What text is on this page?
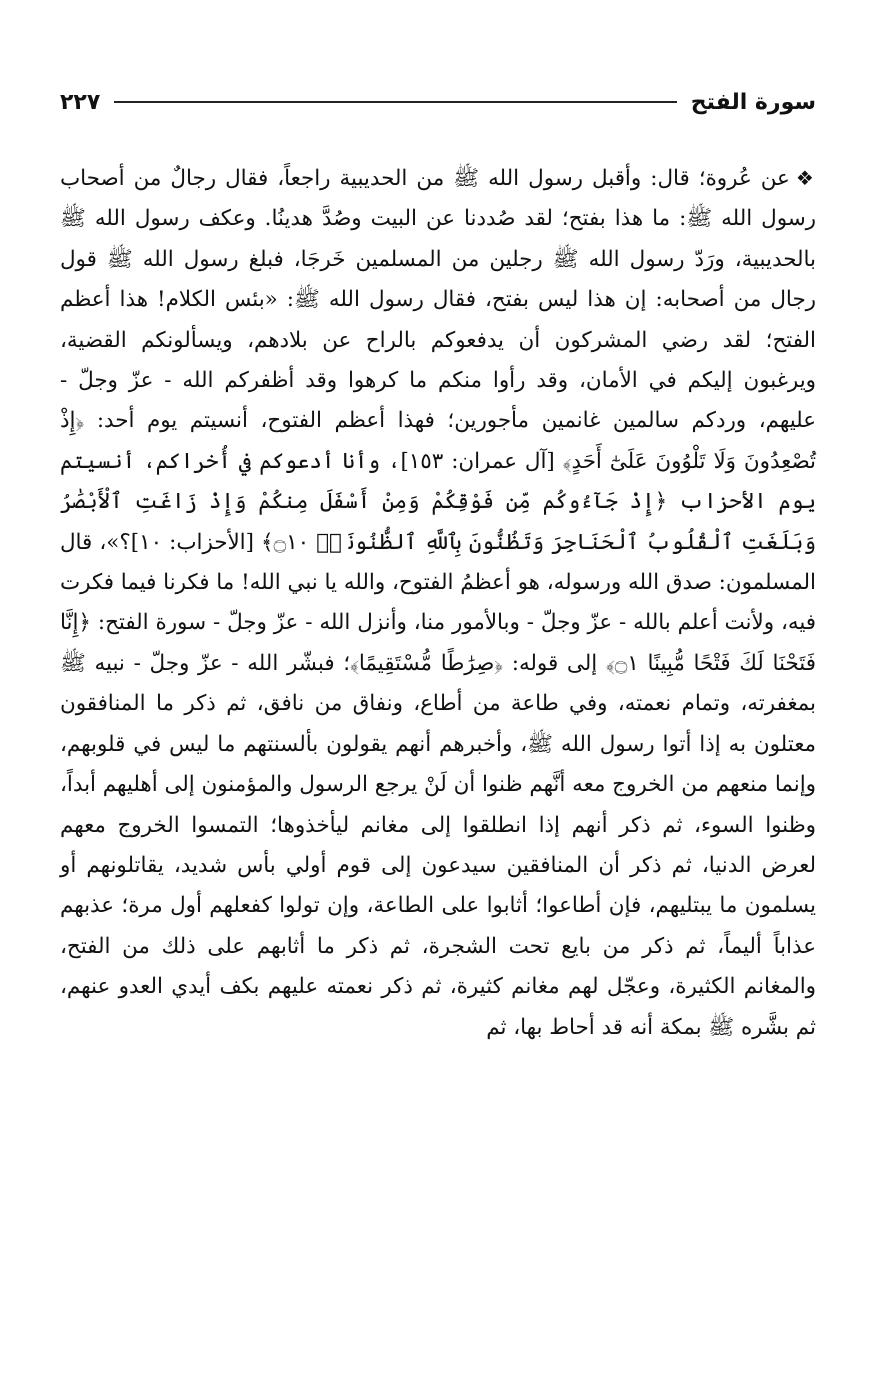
سورة الفتح
٢٢٧
❖عن عُروة؛ قال: وأقبل رسول الله ﷺ من الحديبية راجعاً، فقال رجالٌ من أصحاب رسول الله ﷺ: ما هذا بفتح؛ لقد صُددنا عن البيت وصُدَّ هدينُا. وعكف رسول الله ﷺ بالحديبية، ورَدّ رسول الله ﷺ رجلين من المسلمين خَرجَا، فبلغ رسول الله ﷺ قول رجال من أصحابه: إن هذا ليس بفتح، فقال رسول الله ﷺ: «بئس الكلام! هذا أعظم الفتح؛ لقد رضي المشركون أن يدفعوكم بالراح عن بلادهم، ويسألونكم القضية، ويرغبون إليكم في الأمان، وقد رأوا منكم ما كرهوا وقد أظفركم الله - عزّ وجلّ - عليهم، وردكم سالمين غانمين مأجورين؛ فهذا أعظم الفتوح، أنسيتم يوم أحد: ﴿إِذْ تُصْعِدُونَ وَلَا تَلْوُونَ عَلَىٰٓ أَحَدٍ﴾ [آل عمران: ١٥٣]، وأنا أدعوكم في أُخراكم، أنسيتم يوم الأحزاب ﴿إِذْ جَآءُوكُم مِّن فَوْقِكُمْ وَمِنْ أَسْفَلَ مِنكُمْ وَإِذْ زَاغَتِ ٱلْأَبْصَٰرُ وَبَلَغَتِ ٱلْقُلُوبُ ٱلْحَنَاجِرَ وَتَظُنُّونَ بِٱللَّهِ ٱلظُّنُونَا۠ ۝١٠﴾ [الأحزاب: ١٠]؟»، قال المسلمون: صدق الله ورسوله، هو أعظمُ الفتوح، والله يا نبي الله! ما فكرنا فيما فكرت فيه، ولأنت أعلم بالله - عزّ وجلّ - وبالأمور منا، وأنزل الله - عزّ وجلّ - سورة الفتح: ﴿إِنَّا فَتَحْنَا لَكَ فَتْحًا مُّبِينًا ۝١﴾ إلى قوله: ﴿صِرَٰطًا مُّسْتَقِيمًا﴾؛ فبشّر الله - عزّ وجلّ - نبيه ﷺ بمغفرته، وتمام نعمته، وفي طاعة من أطاع، ونفاق من نافق، ثم ذكر ما المنافقون معتلون به إذا أتوا رسول الله ﷺ، وأخبرهم أنهم يقولون بألسنتهم ما ليس في قلوبهم، وإنما منعهم من الخروج معه أنَّهم ظنوا أن لَنْ يرجع الرسول والمؤمنون إلى أهليهم أبداً، وظنوا السوء، ثم ذكر أنهم إذا انطلقوا إلى مغانم ليأخذوها؛ التمسوا الخروج معهم لعرض الدنيا، ثم ذكر أن المنافقين سيدعون إلى قوم أولي بأس شديد، يقاتلونهم أو يسلمون ما يبتليهم، فإن أطاعوا؛ أثابوا على الطاعة، وإن تولوا كفعلهم أول مرة؛ عذبهم عذاباً أليماً، ثم ذكر من بايع تحت الشجرة، ثم ذكر ما أثابهم على ذلك من الفتح، والمغانم الكثيرة، وعجّل لهم مغانم كثيرة، ثم ذكر نعمته عليهم بكف أيدي العدو عنهم، ثم بشَّره ﷺ بمكة أنه قد أحاط بها، ثم
